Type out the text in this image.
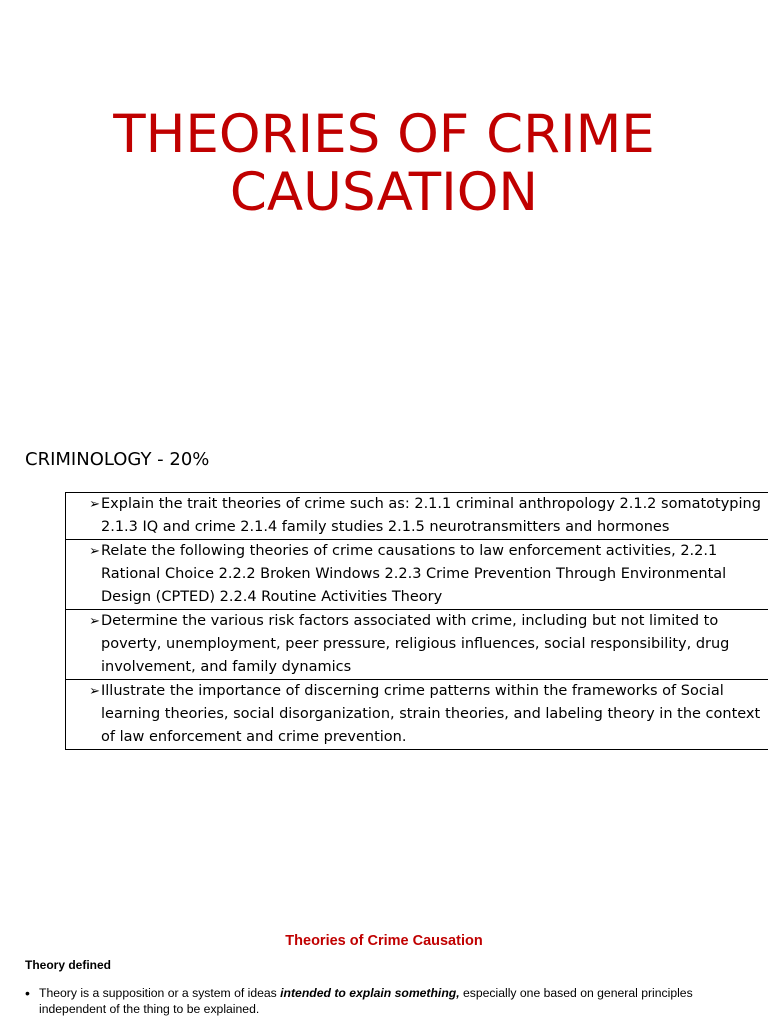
THEORIES OF CRIME
CAUSATION
CRIMINOLOGY - 20%
➢ Explain the trait theories of crime such as: 2.1.1 criminal anthropology 2.1.2 somatotyping 2.1.3 IQ and crime 2.1.4 family studies 2.1.5 neurotransmitters and hormones

➢ Relate the following theories of crime causations to law enforcement activities, 2.2.1 Rational Choice 2.2.2 Broken Windows 2.2.3 Crime Prevention Through Environmental Design (CPTED) 2.2.4 Routine Activities Theory

➢ Determine the various risk factors associated with crime, including but not limited to poverty, unemployment, peer pressure, religious influences, social responsibility, drug involvement, and family dynamics

➢ Illustrate the importance of discerning crime patterns within the frameworks of Social learning theories, social disorganization, strain theories, and labeling theory in the context of law enforcement and crime prevention.
Theories of Crime Causation
Theory defined
• Theory is a supposition or a system of ideas intended to explain something, especially one based on general principles independent of the thing to be explained.
